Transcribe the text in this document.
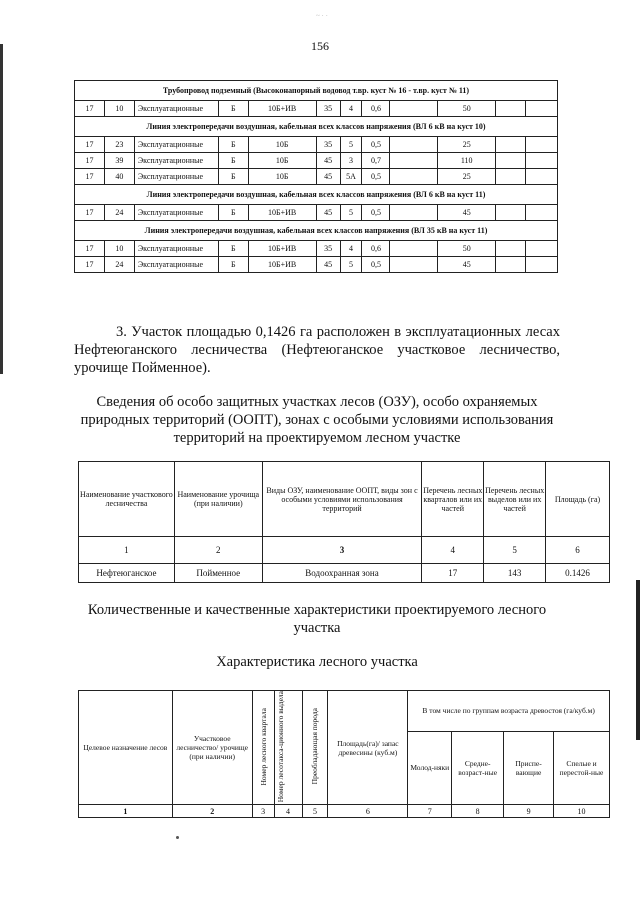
~ · ·
156
Трубопровод подземный (Высоконапорный водовод т.вр. куст № 16 - т.вр. куст № 11)											
17	10	Эксплуатационные	Б	10Б+ИВ	35	4	0,6		50		
Линия электропередачи воздушная, кабельная всех классов напряжения (ВЛ 6 кВ на куст 10)											
17	23	Эксплуатационные	Б	10Б	35	5	0,5		25		
17	39	Эксплуатационные	Б	10Б	45	3	0,7		110		
17	40	Эксплуатационные	Б	10Б	45	5А	0,5		25		
Линия электропередачи воздушная, кабельная всех классов напряжения (ВЛ 6 кВ на куст 11)											
17	24	Эксплуатационные	Б	10Б+ИВ	45	5	0,5		45		
Линия электропередачи воздушная, кабельная всех классов напряжения (ВЛ 35 кВ на куст 11)											
17	10	Эксплуатационные	Б	10Б+ИВ	35	4	0,6		50		
17	24	Эксплуатационные	Б	10Б+ИВ	45	5	0,5		45		
3. Участок площадью 0,1426 га расположен в эксплуатационных лесах Нефтеюганского лесничества (Нефтеюганское участковое лесничество, урочище Пойменное).
Сведения об особо защитных участках лесов (ОЗУ), особо охраняемых природных территорий (ООПТ), зонах с особыми условиями использования территорий на проектируемом лесном участке
Наименование участкового лесничества	Наименование урочища (при наличии)	Виды ОЗУ, наименование ООПТ, виды зон с особыми условиями использования территорий	Перечень лесных кварталов или их частей	Перечень лесных выделов или их частей	Площадь (га)
1	2	3	4	5	6
Нефтеюганское	Пойменное	Водоохранная зона	17	143	0.1426
Количественные и качественные характеристики проектируемого лесного участка
Характеристика лесного участка
Целевое назначение лесов	Участковое лесничество/ урочище (при наличии)	Номер лесного квартала	Номер лесотакса-ционного выдела	Преобладающая порода	Площадь(га)/ запас древесины (куб.м)	В том числе по группам возраста древостоя (га/куб.м)			
						Молод-няки	Средне-возраст-ные	Приспе-вающие	Спелые и перестой-ные
1	2	3	4	5	6	7	8	9	10
